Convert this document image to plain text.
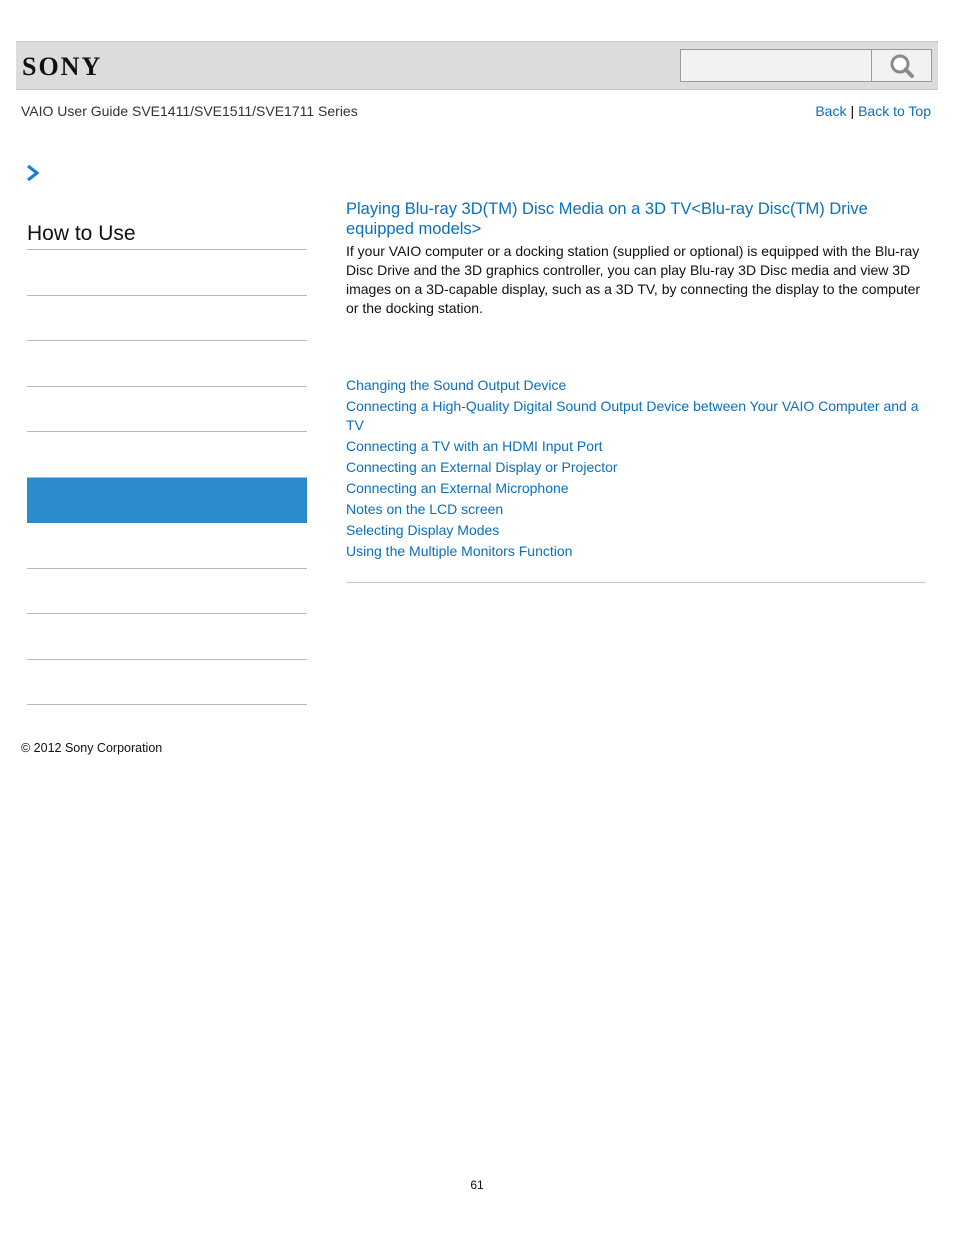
SONY
VAIO User Guide SVE1411/SVE1511/SVE1711 Series	Back | Back to Top
How to Use
Playing Blu-ray 3D(TM) Disc Media on a 3D TV<Blu-ray Disc(TM) Drive equipped models>
If your VAIO computer or a docking station (supplied or optional) is equipped with the Blu-ray Disc Drive and the 3D graphics controller, you can play Blu-ray 3D Disc media and view 3D images on a 3D-capable display, such as a 3D TV, by connecting the display to the computer or the docking station.
Changing the Sound Output Device
Connecting a High-Quality Digital Sound Output Device between Your VAIO Computer and a TV
Connecting a TV with an HDMI Input Port
Connecting an External Display or Projector
Connecting an External Microphone
Notes on the LCD screen
Selecting Display Modes
Using the Multiple Monitors Function
© 2012 Sony Corporation
61
